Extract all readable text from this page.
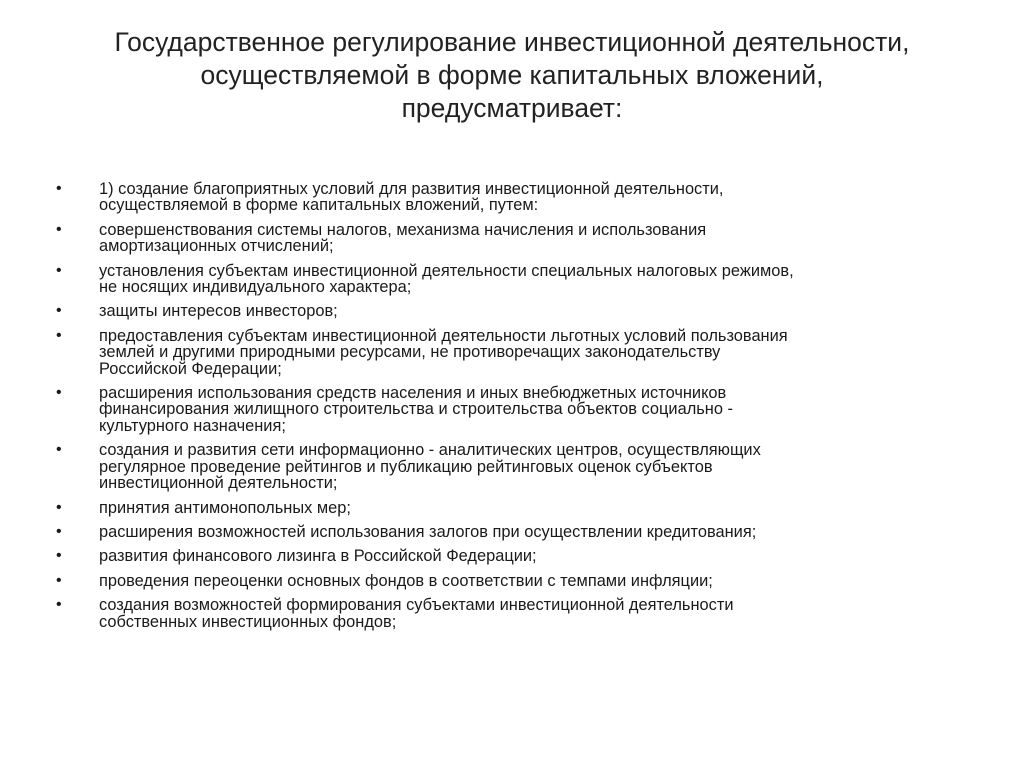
Государственное регулирование инвестиционной деятельности,
осуществляемой в форме капитальных вложений,
предусматривает:
•	1) создание благоприятных условий для развития инвестиционной деятельности,
осуществляемой в форме капитальных вложений, путем:
•	совершенствования системы налогов, механизма начисления и использования
амортизационных отчислений;
•	установления субъектам инвестиционной деятельности специальных налоговых режимов,
не носящих индивидуального характера;
•	защиты интересов инвесторов;
•	предоставления субъектам инвестиционной деятельности льготных условий пользования
землей и другими природными ресурсами, не противоречащих законодательству
Российской Федерации;
•	расширения использования средств населения и иных внебюджетных источников
финансирования жилищного строительства и строительства объектов социально -
культурного назначения;
•	создания и развития сети информационно - аналитических центров, осуществляющих
регулярное проведение рейтингов и публикацию рейтинговых оценок субъектов
инвестиционной деятельности;
•	принятия антимонопольных мер;
•	расширения возможностей использования залогов при осуществлении кредитования;
•	развития финансового лизинга в Российской Федерации;
•	проведения переоценки основных фондов в соответствии с темпами инфляции;
•	создания возможностей формирования субъектами инвестиционной деятельности
собственных инвестиционных фондов;
